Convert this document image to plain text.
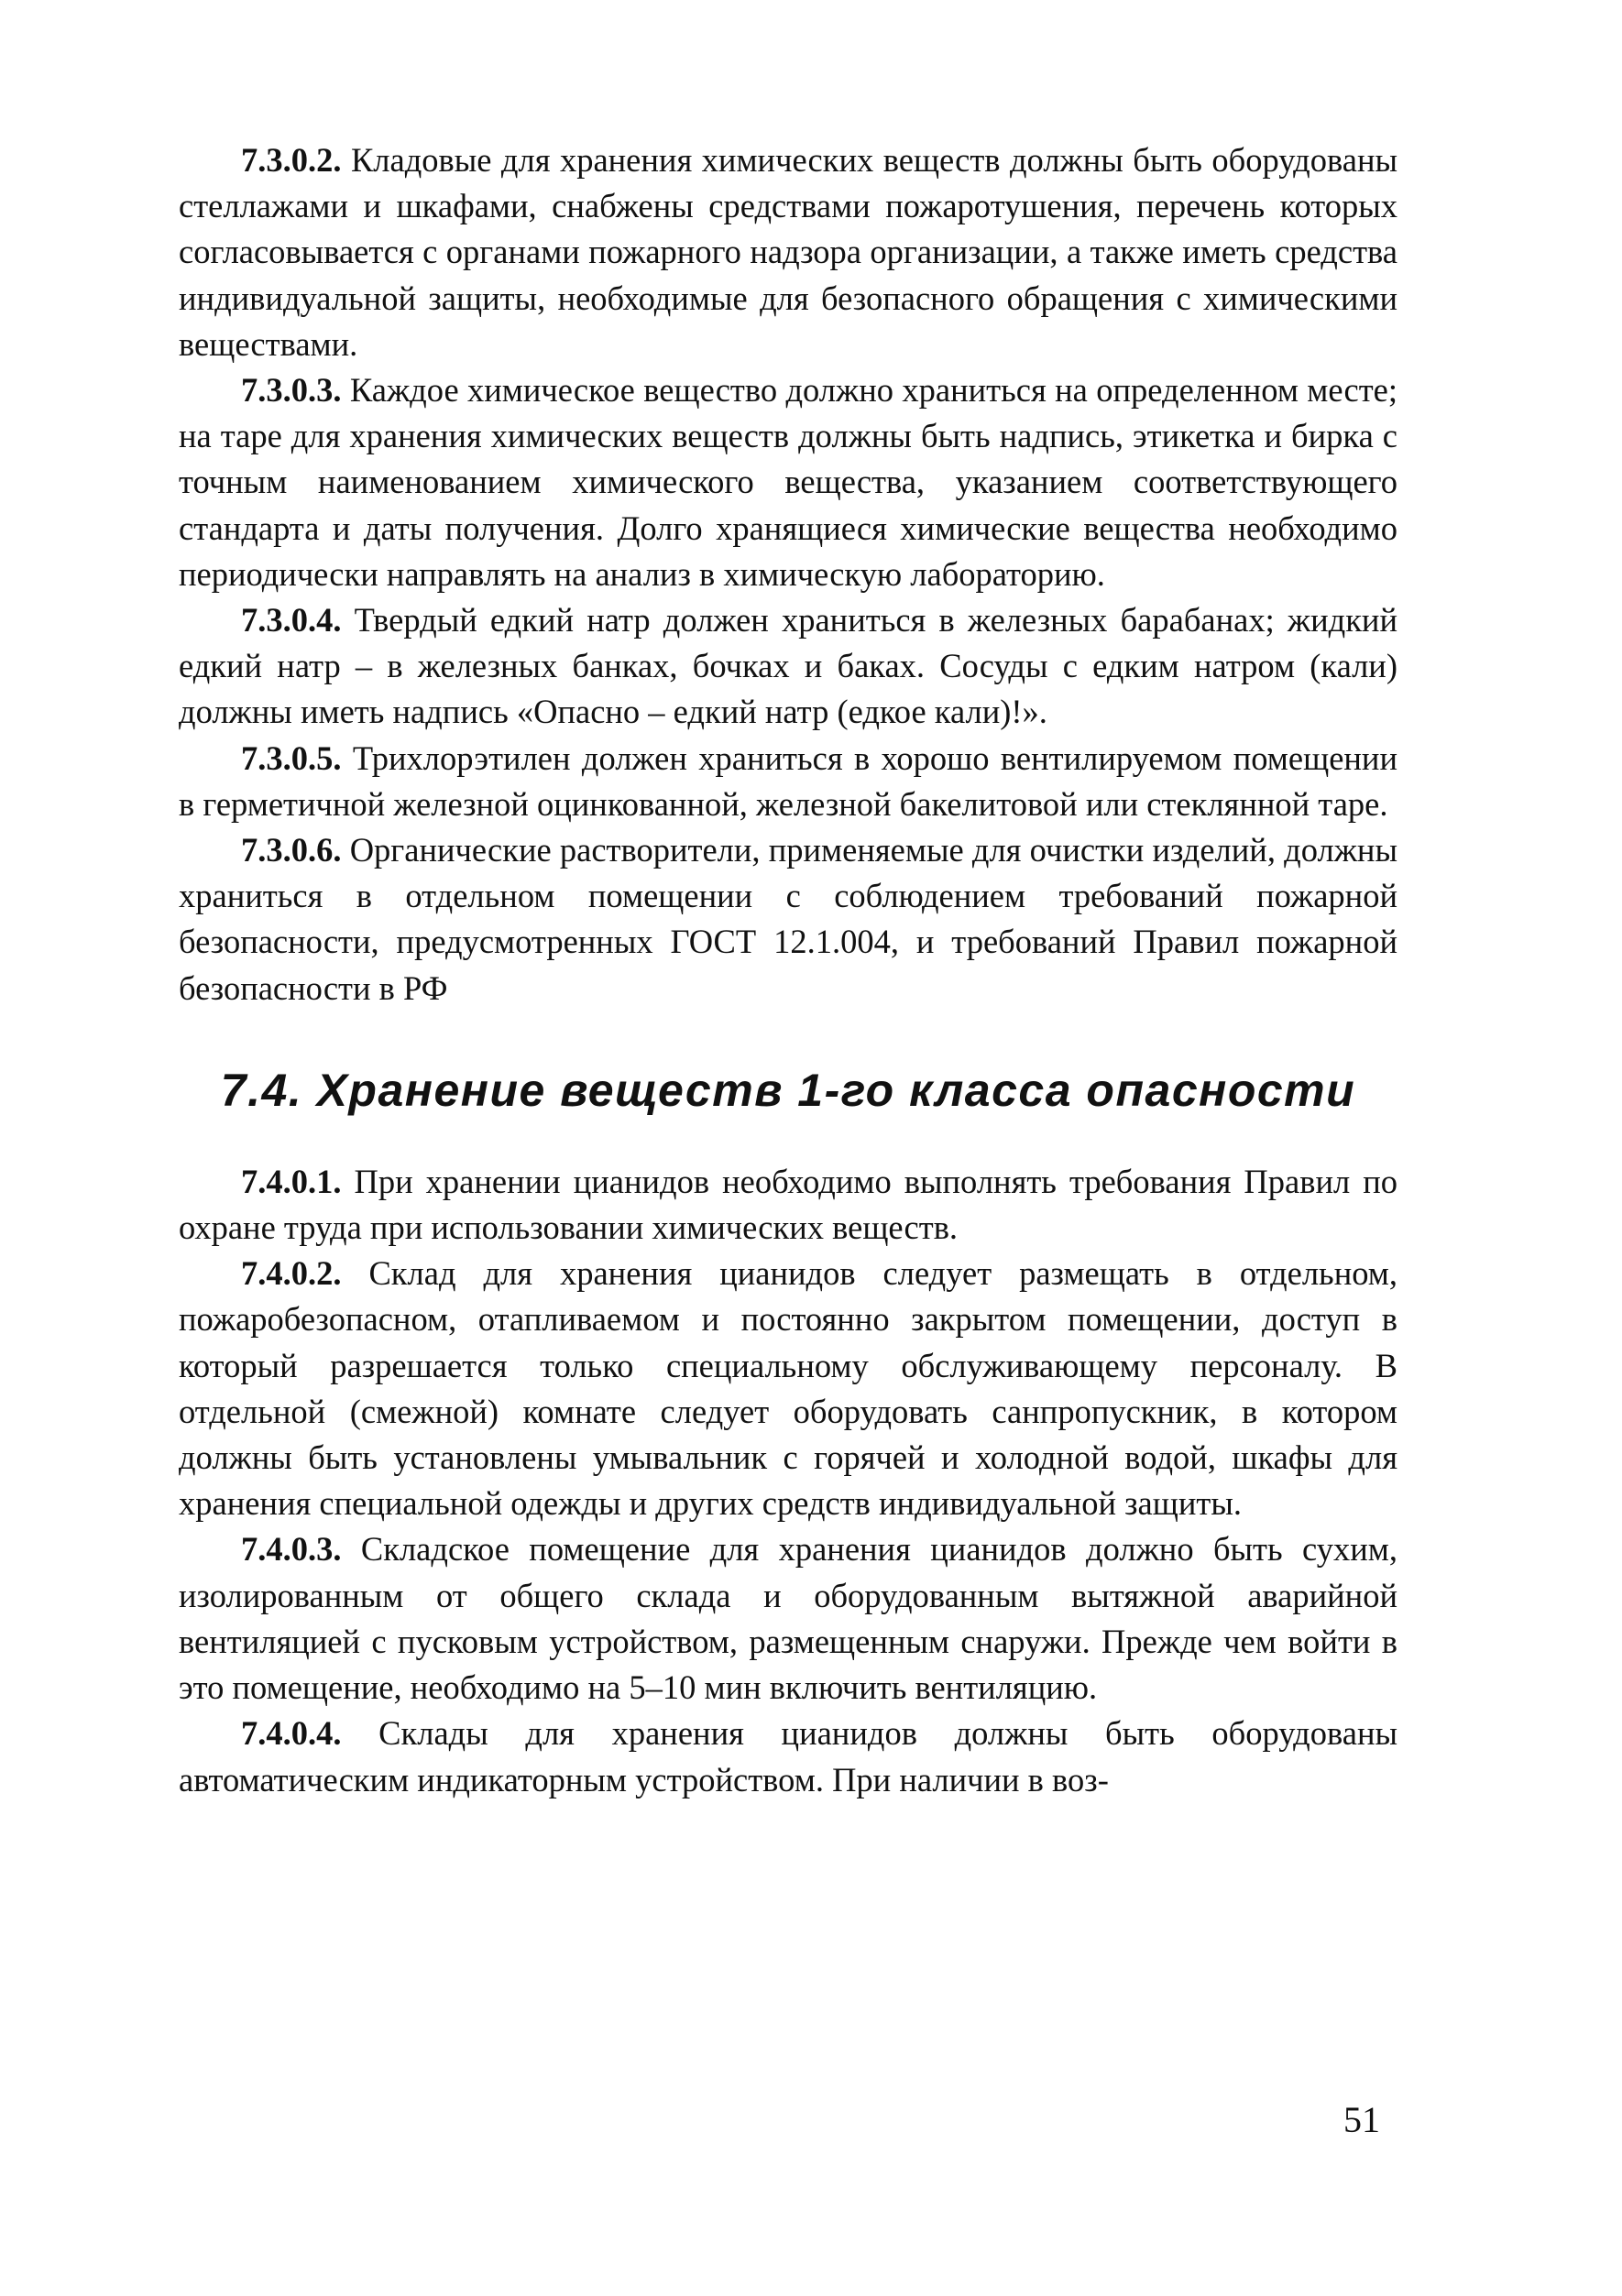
7.3.0.2. Кладовые для хранения химических веществ должны быть оборудованы стеллажами и шкафами, снабжены средствами пожаротушения, перечень которых согласовывается с органами пожарного надзора организации, а также иметь средства индивидуальной защиты, необходимые для безопасного обращения с химическими веществами.

7.3.0.3. Каждое химическое вещество должно храниться на определенном месте; на таре для хранения химических веществ должны быть надпись, этикетка и бирка с точным наименованием химического вещества, указанием соответствующего стандарта и даты получения. Долго хранящиеся химические вещества необходимо периодически направлять на анализ в химическую лабораторию.

7.3.0.4. Твердый едкий натр должен храниться в железных барабанах; жидкий едкий натр – в железных банках, бочках и баках. Сосуды с едким натром (кали) должны иметь надпись «Опасно – едкий натр (едкое кали)!».

7.3.0.5. Трихлорэтилен должен храниться в хорошо вентилируемом помещении в герметичной железной оцинкованной, железной бакелитовой или стеклянной таре.

7.3.0.6. Органические растворители, применяемые для очистки изделий, должны храниться в отдельном помещении с соблюдением требований пожарной безопасности, предусмотренных ГОСТ 12.1.004, и требований Правил пожарной безопасности в РФ

7.4. Хранение веществ 1-го класса опасности

7.4.0.1. При хранении цианидов необходимо выполнять требования Правил по охране труда при использовании химических веществ.

7.4.0.2. Склад для хранения цианидов следует размещать в отдельном, пожаробезопасном, отапливаемом и постоянно закрытом помещении, доступ в который разрешается только специальному обслуживающему персоналу. В отдельной (смежной) комнате следует оборудовать санпропускник, в котором должны быть установлены умывальник с горячей и холодной водой, шкафы для хранения специальной одежды и других средств индивидуальной защиты.

7.4.0.3. Складское помещение для хранения цианидов должно быть сухим, изолированным от общего склада и оборудованным вытяжной аварийной вентиляцией с пусковым устройством, размещенным снаружи. Прежде чем войти в это помещение, необходимо на 5–10 мин включить вентиляцию.

7.4.0.4. Склады для хранения цианидов должны быть оборудованы автоматическим индикаторным устройством. При наличии в воз-

51
